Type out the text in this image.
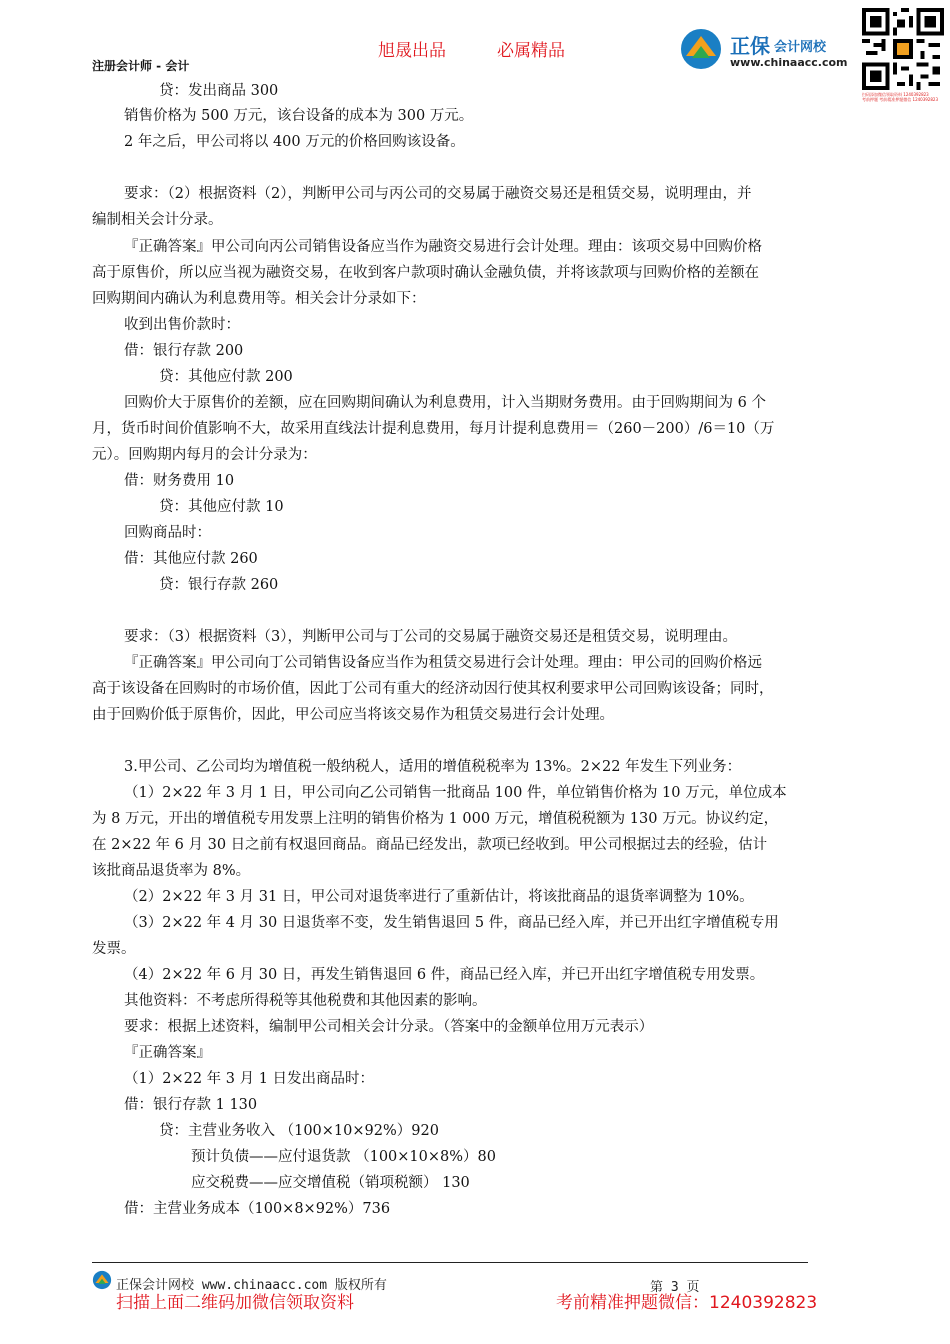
旭晟出品	必属精品
注册会计师 - 会计
正保 会计网校
www.chinaacc.com
扫码添加微信领取资料 1240392823
考前押题 考前精准押题微信 1240392823
贷：发出商品 300
销售价格为 500 万元，该台设备的成本为 300 万元。
2 年之后，甲公司将以 400 万元的价格回购该设备。
要求：（2）根据资料（2），判断甲公司与丙公司的交易属于融资交易还是租赁交易，说明理由，并
编制相关会计分录。
『正确答案』甲公司向丙公司销售设备应当作为融资交易进行会计处理。理由：该项交易中回购价格
高于原售价，所以应当视为融资交易，在收到客户款项时确认金融负债，并将该款项与回购价格的差额在
回购期间内确认为利息费用等。相关会计分录如下：
收到出售价款时：
借：银行存款 200
贷：其他应付款 200
回购价大于原售价的差额，应在回购期间确认为利息费用，计入当期财务费用。由于回购期间为 6 个
月，货币时间价值影响不大，故采用直线法计提利息费用，每月计提利息费用＝（260－200）/6＝10（万
元）。回购期内每月的会计分录为：
借：财务费用 10
贷：其他应付款 10
回购商品时：
借：其他应付款 260
贷：银行存款 260
要求：（3）根据资料（3），判断甲公司与丁公司的交易属于融资交易还是租赁交易，说明理由。
『正确答案』甲公司向丁公司销售设备应当作为租赁交易进行会计处理。理由：甲公司的回购价格远
高于该设备在回购时的市场价值，因此丁公司有重大的经济动因行使其权利要求甲公司回购该设备；同时，
由于回购价低于原售价，因此，甲公司应当将该交易作为租赁交易进行会计处理。
3.甲公司、乙公司均为增值税一般纳税人，适用的增值税税率为 13%。2×22 年发生下列业务：
（1）2×22 年 3 月 1 日，甲公司向乙公司销售一批商品 100 件，单位销售价格为 10 万元，单位成本
为 8 万元，开出的增值税专用发票上注明的销售价格为 1 000 万元，增值税税额为 130 万元。协议约定，
在 2×22 年 6 月 30 日之前有权退回商品。商品已经发出，款项已经收到。甲公司根据过去的经验，估计
该批商品退货率为 8%。
（2）2×22 年 3 月 31 日，甲公司对退货率进行了重新估计，将该批商品的退货率调整为 10%。
（3）2×22 年 4 月 30 日退货率不变，发生销售退回 5 件，商品已经入库，并已开出红字增值税专用
发票。
（4）2×22 年 6 月 30 日，再发生销售退回 6 件，商品已经入库，并已开出红字增值税专用发票。
其他资料：不考虑所得税等其他税费和其他因素的影响。
要求：根据上述资料，编制甲公司相关会计分录。（答案中的金额单位用万元表示）
『正确答案』
（1）2×22 年 3 月 1 日发出商品时：
借：银行存款 1 130
贷：主营业务收入 （100×10×92%）920
预计负债——应付退货款 （100×10×8%）80
应交税费——应交增值税（销项税额） 130
借：主营业务成本（100×8×92%）736
正保会计网校 www.chinaacc.com 版权所有	第 3 页
扫描上面二维码加微信领取资料	考前精准押题微信：1240392823
